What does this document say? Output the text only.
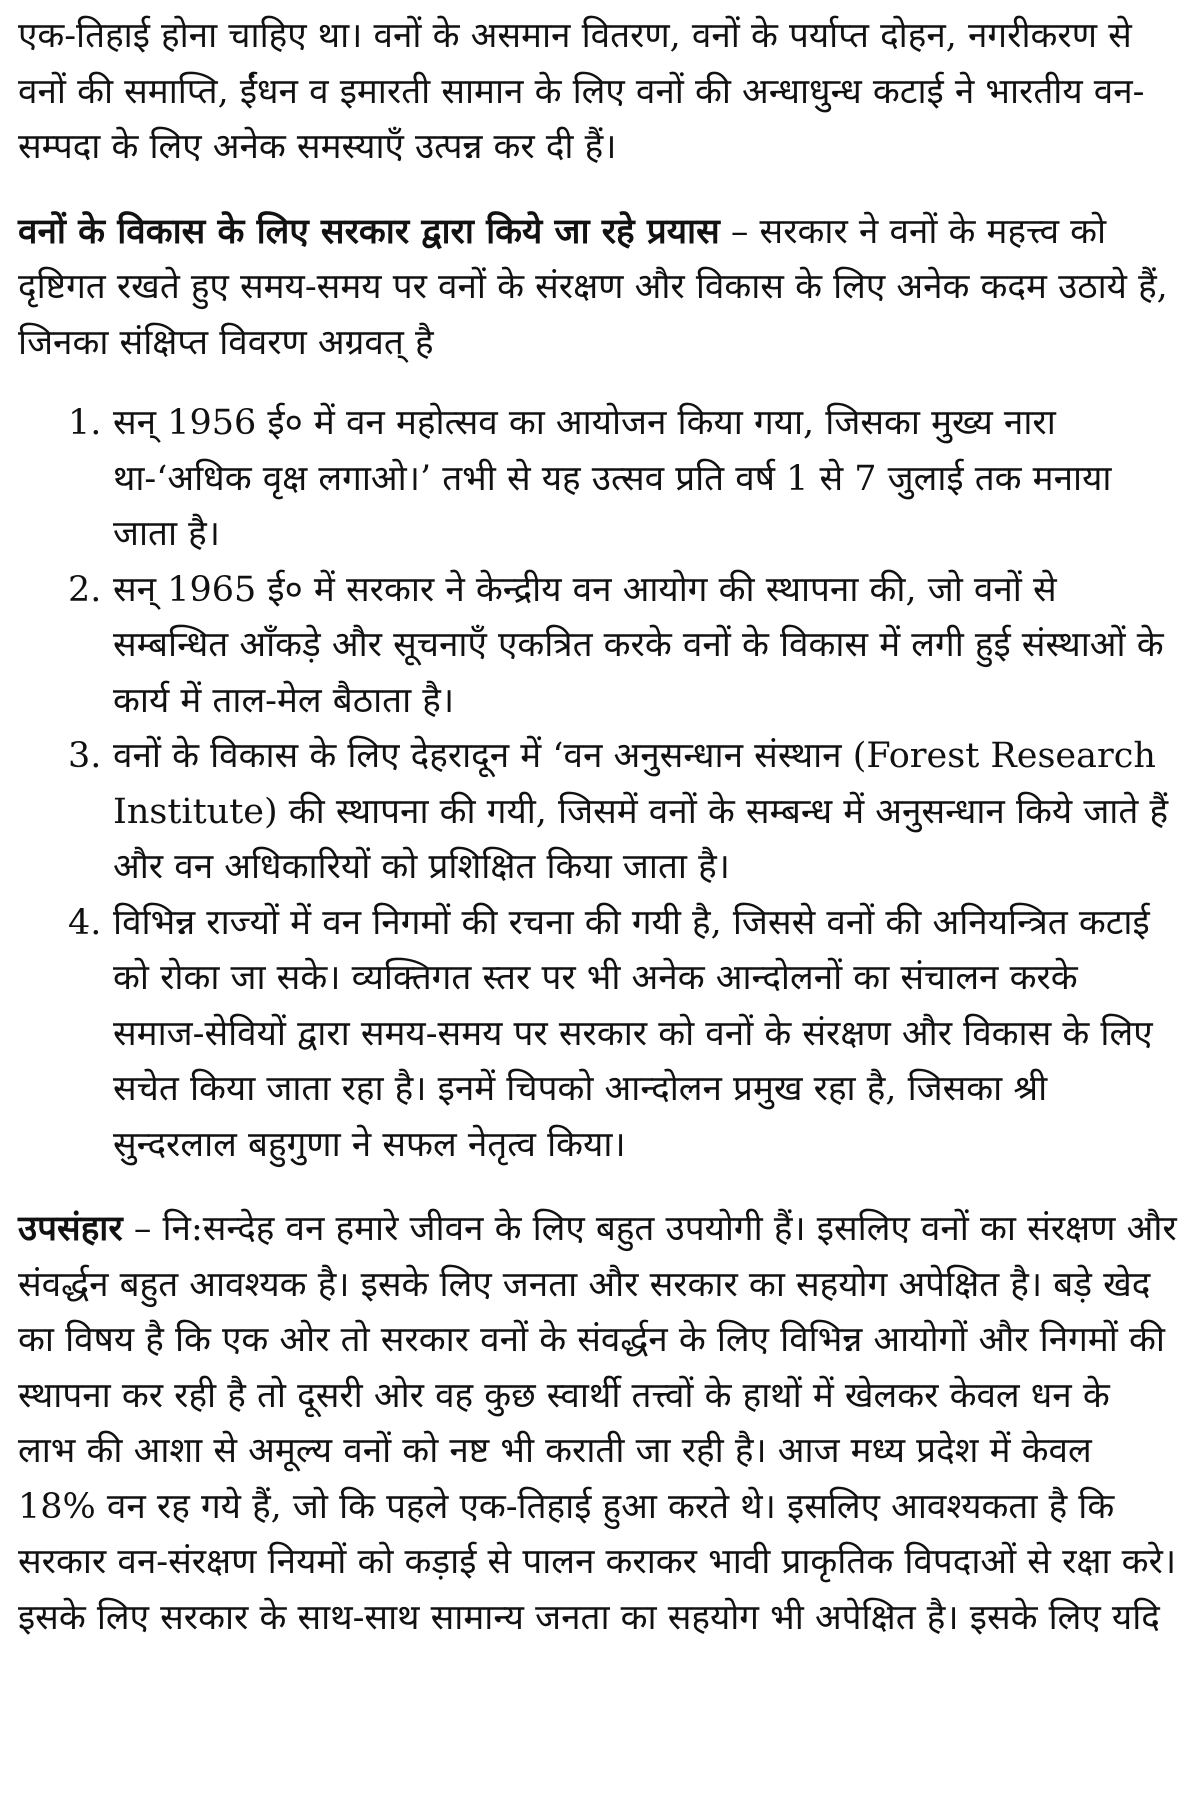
एक-तिहाई होना चाहिए था। वनों के असमान वितरण, वनों के पर्याप्त दोहन, नगरीकरण से वनों की समाप्ति, ईंधन व इमारती सामान के लिए वनों की अन्धाधुन्ध कटाई ने भारतीय वन-सम्पदा के लिए अनेक समस्याएँ उत्पन्न कर दी हैं।

वनों के विकास के लिए सरकार द्वारा किये जा रहे प्रयास – सरकार ने वनों के महत्त्व को दृष्टिगत रखते हुए समय-समय पर वनों के संरक्षण और विकास के लिए अनेक कदम उठाये हैं, जिनका संक्षिप्त विवरण अग्रवत् है

1. सन् 1956 ई० में वन महोत्सव का आयोजन किया गया, जिसका मुख्य नारा था-‘अधिक वृक्ष लगाओ।’ तभी से यह उत्सव प्रति वर्ष 1 से 7 जुलाई तक मनाया जाता है।
2. सन् 1965 ई० में सरकार ने केन्द्रीय वन आयोग की स्थापना की, जो वनों से सम्बन्धित आँकड़े और सूचनाएँ एकत्रित करके वनों के विकास में लगी हुई संस्थाओं के कार्य में ताल-मेल बैठाता है।
3. वनों के विकास के लिए देहरादून में ‘वन अनुसन्धान संस्थान (Forest Research Institute) की स्थापना की गयी, जिसमें वनों के सम्बन्ध में अनुसन्धान किये जाते हैं और वन अधिकारियों को प्रशिक्षित किया जाता है।
4. विभिन्न राज्यों में वन निगमों की रचना की गयी है, जिससे वनों की अनियन्त्रित कटाई को रोका जा सके। व्यक्तिगत स्तर पर भी अनेक आन्दोलनों का संचालन करके समाज-सेवियों द्वारा समय-समय पर सरकार को वनों के संरक्षण और विकास के लिए सचेत किया जाता रहा है। इनमें चिपको आन्दोलन प्रमुख रहा है, जिसका श्री सुन्दरलाल बहुगुणा ने सफल नेतृत्व किया।

उपसंहार – नि:सन्देह वन हमारे जीवन के लिए बहुत उपयोगी हैं। इसलिए वनों का संरक्षण और संवर्द्धन बहुत आवश्यक है। इसके लिए जनता और सरकार का सहयोग अपेक्षित है। बड़े खेद का विषय है कि एक ओर तो सरकार वनों के संवर्द्धन के लिए विभिन्न आयोगों और निगमों की स्थापना कर रही है तो दूसरी ओर वह कुछ स्वार्थी तत्त्वों के हाथों में खेलकर केवल धन के लाभ की आशा से अमूल्य वनों को नष्ट भी कराती जा रही है। आज मध्य प्रदेश में केवल 18% वन रह गये हैं, जो कि पहले एक-तिहाई हुआ करते थे। इसलिए आवश्यकता है कि सरकार वन-संरक्षण नियमों को कड़ाई से पालन कराकर भावी प्राकृतिक विपदाओं से रक्षा करे। इसके लिए सरकार के साथ-साथ सामान्य जनता का सहयोग भी अपेक्षित है। इसके लिए यदि
